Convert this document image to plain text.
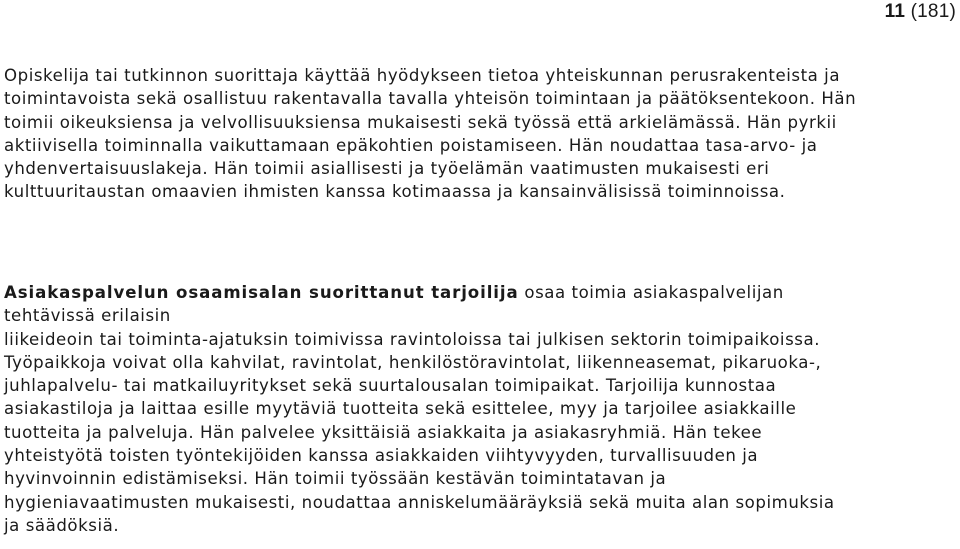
11 (181)
Opiskelija tai tutkinnon suorittaja käyttää hyödykseen tietoa yhteiskunnan perusrakenteista ja
toimintavoista sekä osallistuu rakentavalla tavalla yhteisön toimintaan ja päätöksentekoon. Hän
toimii oikeuksiensa ja velvollisuuksiensa mukaisesti sekä työssä että arkielämässä. Hän pyrkii
aktiivisella toiminnalla vaikuttamaan epäkohtien poistamiseen. Hän noudattaa tasa-arvo- ja
yhdenvertaisuuslakeja. Hän toimii asiallisesti ja työelämän vaatimusten mukaisesti eri
kulttuuritaustan omaavien ihmisten kanssa kotimaassa ja kansainvälisissä toiminnoissa.
Asiakaspalvelun osaamisalan suorittanut tarjoilija osaa toimia asiakaspalvelijan
tehtävissä erilaisin
liikeideoin tai toiminta-ajatuksin toimivissa ravintoloissa tai julkisen sektorin toimipaikoissa.
Työpaikkoja voivat olla kahvilat, ravintolat, henkilöstöravintolat, liikenneasemat, pikaruoka-,
juhlapalvelu- tai matkailuyritykset sekä suurtalousalan toimipaikat. Tarjoilija kunnostaa
asiakastiloja ja laittaa esille myytäviä tuotteita sekä esittelee, myy ja tarjoilee asiakkaille
tuotteita ja palveluja. Hän palvelee yksittäisiä asiakkaita ja asiakasryhmiä. Hän tekee
yhteistyötä toisten työntekijöiden kanssa asiakkaiden viihtyvyyden, turvallisuuden ja
hyvinvoinnin edistämiseksi. Hän toimii työssään kestävän toimintatavan ja
hygieniavaatimusten mukaisesti, noudattaa anniskelumääräyksiä sekä muita alan sopimuksia
ja säädöksiä.
